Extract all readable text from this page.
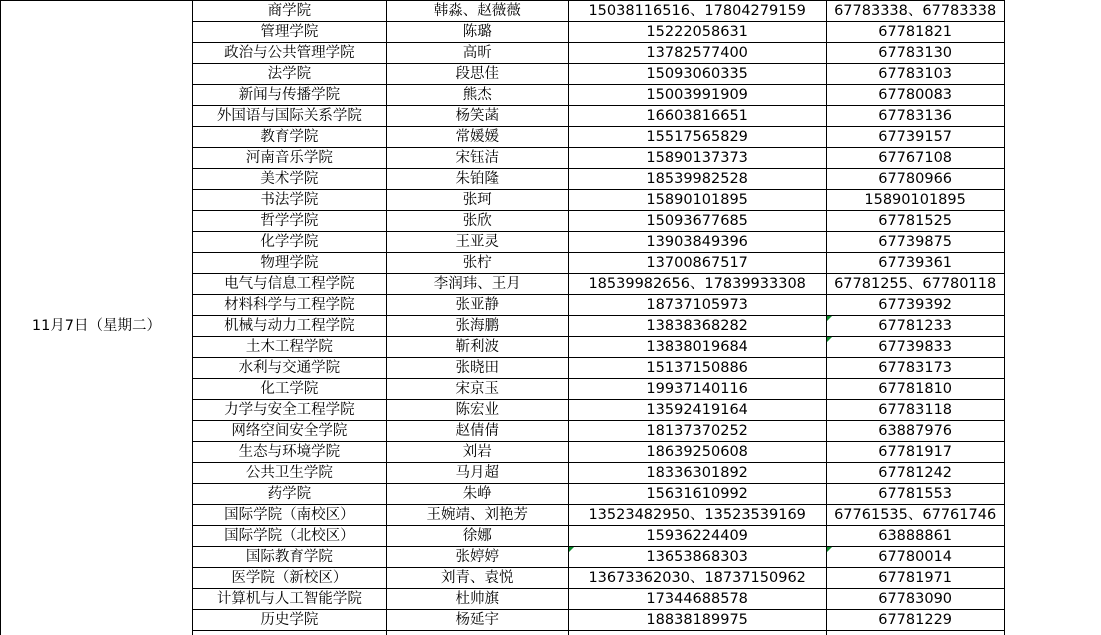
11月7日（星期二）	商学院	韩淼、赵薇薇	15038116516、17804279159	67783338、67783338	
	管理学院	陈璐	15222058631	67781821	
	政治与公共管理学院	高昕	13782577400	67783130	
	法学院	段思佳	15093060335	67783103	
	新闻与传播学院	熊杰	15003991909	67780083	
	外国语与国际关系学院	杨笑菡	16603816651	67783136	
	教育学院	常媛媛	15517565829	67739157	
	河南音乐学院	宋钰洁	15890137373	67767108	
	美术学院	朱铂隆	18539982528	67780966	
	书法学院	张珂	15890101895	15890101895	
	哲学学院	张欣	15093677685	67781525	
	化学学院	王亚灵	13903849396	67739875	
	物理学院	张柠	13700867517	67739361	
	电气与信息工程学院	李润玮、王月	18539982656、17839933308	67781255、67780118	
	材料科学与工程学院	张亚静	18737105973	67739392	
	机械与动力工程学院	张海鹏	13838368282	67781233	
	土木工程学院	靳利波	13838019684	67739833	
	水利与交通学院	张晓田	15137150886	67783173	
	化工学院	宋京玉	19937140116	67781810	
	力学与安全工程学院	陈宏业	13592419164	67783118	
	网络空间安全学院	赵倩倩	18137370252	63887976	
	生态与环境学院	刘岩	18639250608	67781917	
	公共卫生学院	马月超	18336301892	67781242	
	药学院	朱峥	15631610992	67781553	
	国际学院（南校区）	王婉靖、刘艳芳	13523482950、13523539169	67761535、67761746	
	国际学院（北校区）	徐娜	15936224409	63888861	
	国际教育学院	张婷婷	13653868303	67780014	
	医学院（新校区）	刘青、袁悦	13673362030、18737150962	67781971	
	计算机与人工智能学院	杜帅旗	17344688578	67783090	
	历史学院	杨延宇	18838189975	67781229	
